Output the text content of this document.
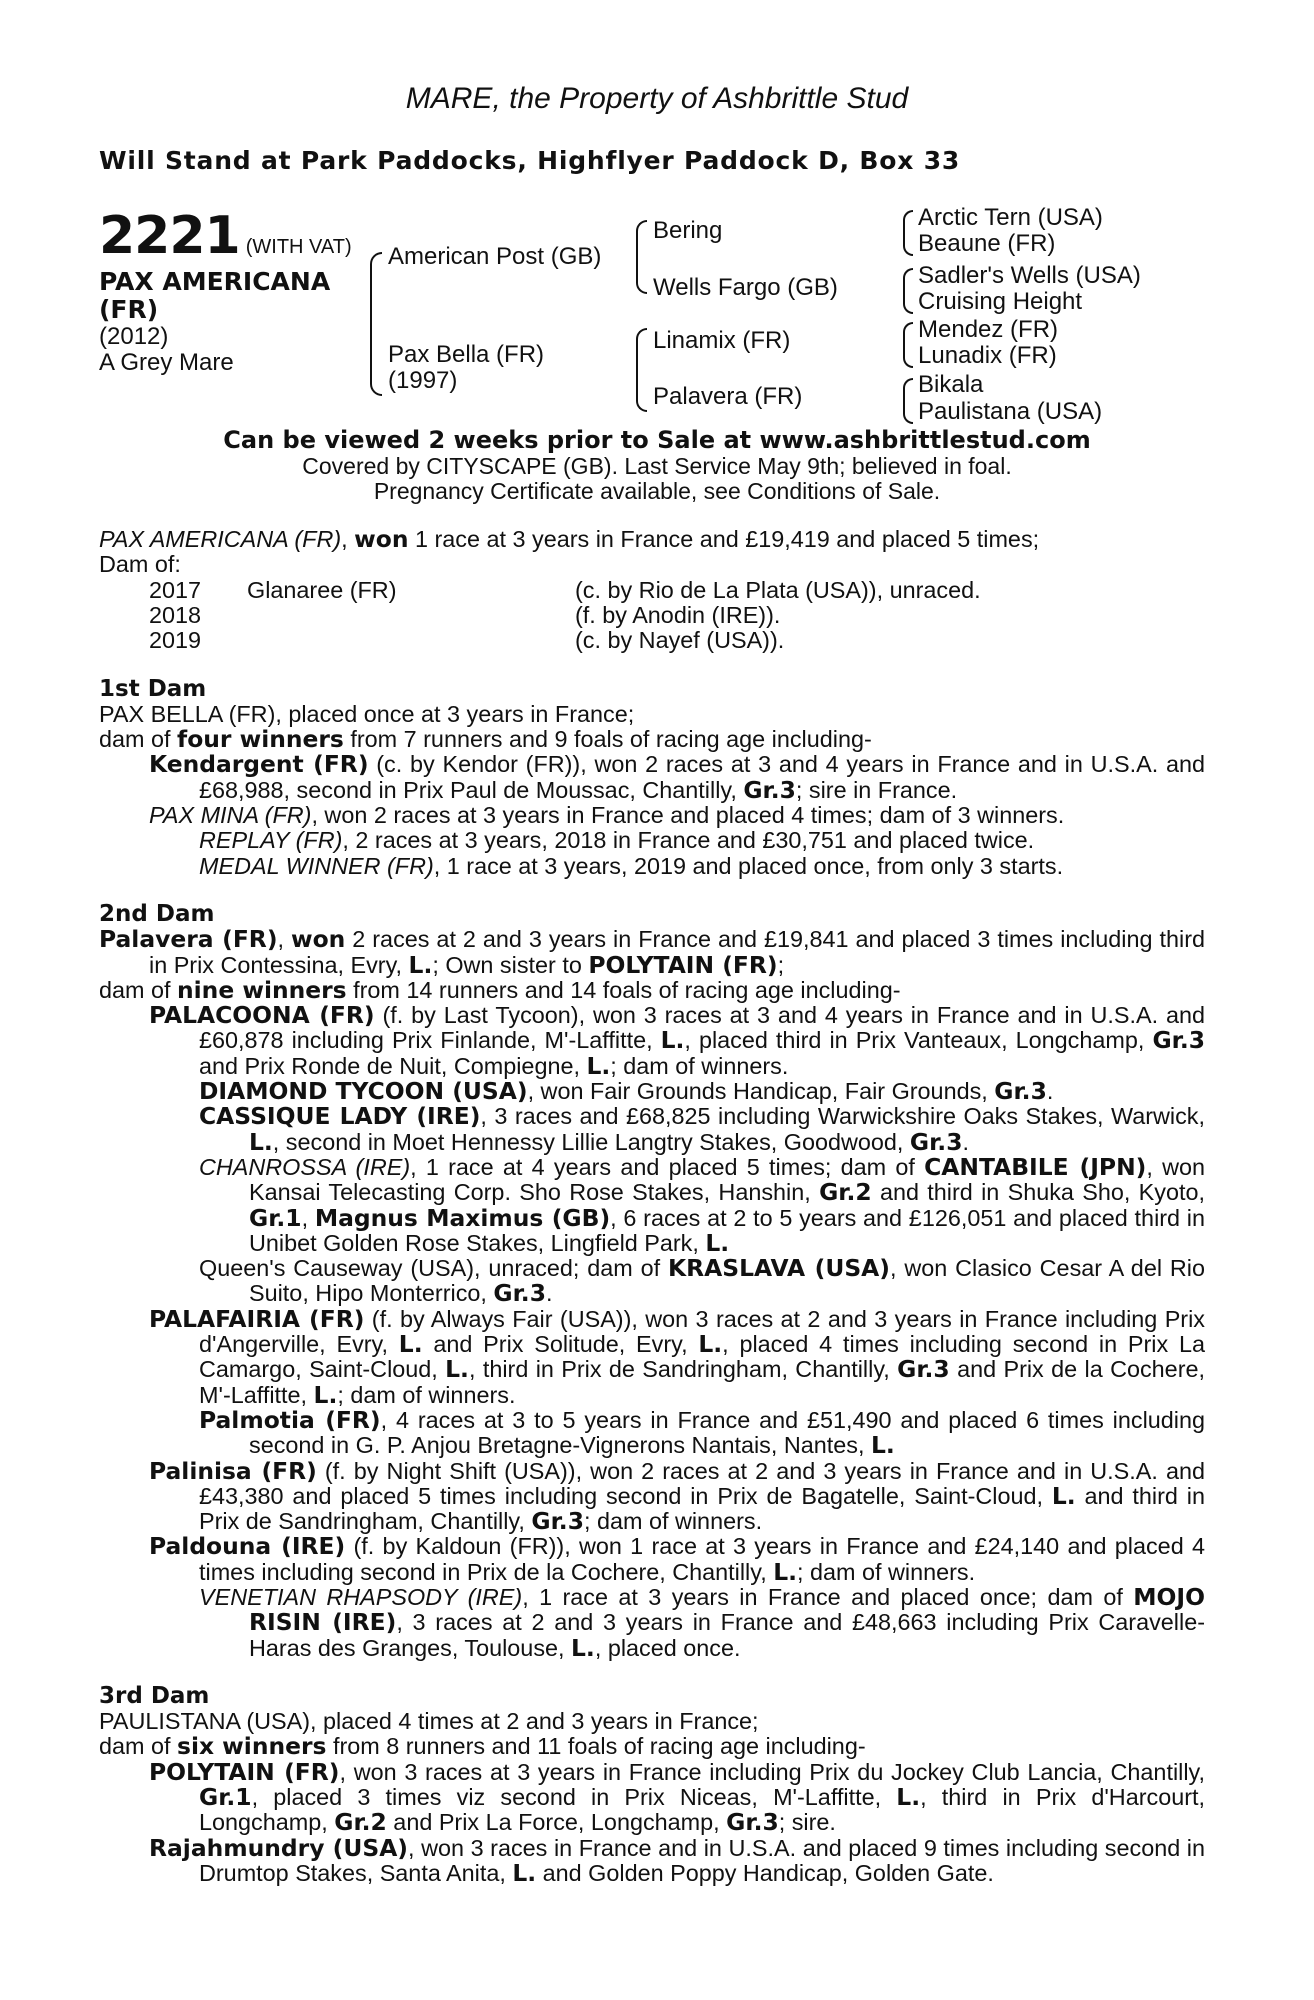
MARE, the Property of Ashbrittle Stud
Will Stand at Park Paddocks, Highflyer Paddock D, Box 33
2221 (WITH VAT)
PAX AMERICANA
(FR)
(2012)
A Grey Mare
American Post (GB)
Pax Bella (FR)
(1997)
Bering
Wells Fargo (GB)
Linamix (FR)
Palavera (FR)
Arctic Tern (USA)
Beaune (FR)
Sadler's Wells (USA)
Cruising Height
Mendez (FR)
Lunadix (FR)
Bikala
Paulistana (USA)
Can be viewed 2 weeks prior to Sale at www.ashbrittlestud.com
Covered by CITYSCAPE (GB). Last Service May 9th; believed in foal.
Pregnancy Certificate available, see Conditions of Sale.

PAX AMERICANA (FR), won 1 race at 3 years in France and £19,419 and placed 5 times;

Dam of:

2017 Glanaree (FR)	(c. by Rio de La Plata (USA)), unraced.
2018	(f. by Anodin (IRE)).
2019	(c. by Nayef (USA)).
1st Dam

PAX BELLA (FR), placed once at 3 years in France;

dam of four winners from 7 runners and 9 foals of racing age including-

Kendargent (FR) (c. by Kendor (FR)), won 2 races at 3 and 4 years in France and in U.S.A. and £68,988, second in Prix Paul de Moussac, Chantilly, Gr.3; sire in France.

PAX MINA (FR), won 2 races at 3 years in France and placed 4 times; dam of 3 winners.

REPLAY (FR), 2 races at 3 years, 2018 in France and £30,751 and placed twice.

MEDAL WINNER (FR), 1 race at 3 years, 2019 and placed once, from only 3 starts.

2nd Dam

Palavera (FR), won 2 races at 2 and 3 years in France and £19,841 and placed 3 times including third in Prix Contessina, Evry, L.; Own sister to POLYTAIN (FR);

dam of nine winners from 14 runners and 14 foals of racing age including-

PALACOONA (FR) (f. by Last Tycoon), won 3 races at 3 and 4 years in France and in U.S.A. and £60,878 including Prix Finlande, M'-Laffitte, L., placed third in Prix Vanteaux, Longchamp, Gr.3 and Prix Ronde de Nuit, Compiegne, L.; dam of winners.

DIAMOND TYCOON (USA), won Fair Grounds Handicap, Fair Grounds, Gr.3.

CASSIQUE LADY (IRE), 3 races and £68,825 including Warwickshire Oaks Stakes, Warwick, L., second in Moet Hennessy Lillie Langtry Stakes, Goodwood, Gr.3.

CHANROSSA (IRE), 1 race at 4 years and placed 5 times; dam of CANTABILE (JPN), won Kansai Telecasting Corp. Sho Rose Stakes, Hanshin, Gr.2 and third in Shuka Sho, Kyoto, Gr.1, Magnus Maximus (GB), 6 races at 2 to 5 years and £126,051 and placed third in Unibet Golden Rose Stakes, Lingfield Park, L.

Queen's Causeway (USA), unraced; dam of KRASLAVA (USA), won Clasico Cesar A del Rio Suito, Hipo Monterrico, Gr.3.

PALAFAIRIA (FR) (f. by Always Fair (USA)), won 3 races at 2 and 3 years in France including Prix d'Angerville, Evry, L. and Prix Solitude, Evry, L., placed 4 times including second in Prix La Camargo, Saint-Cloud, L., third in Prix de Sandringham, Chantilly, Gr.3 and Prix de la Cochere, M'-Laffitte, L.; dam of winners.

Palmotia (FR), 4 races at 3 to 5 years in France and £51,490 and placed 6 times including second in G. P. Anjou Bretagne-Vignerons Nantais, Nantes, L.

Palinisa (FR) (f. by Night Shift (USA)), won 2 races at 2 and 3 years in France and in U.S.A. and £43,380 and placed 5 times including second in Prix de Bagatelle, Saint-Cloud, L. and third in Prix de Sandringham, Chantilly, Gr.3; dam of winners.

Paldouna (IRE) (f. by Kaldoun (FR)), won 1 race at 3 years in France and £24,140 and placed 4 times including second in Prix de la Cochere, Chantilly, L.; dam of winners.

VENETIAN RHAPSODY (IRE), 1 race at 3 years in France and placed once; dam of MOJO RISIN (IRE), 3 races at 2 and 3 years in France and £48,663 including Prix Caravelle-Haras des Granges, Toulouse, L., placed once.

3rd Dam

PAULISTANA (USA), placed 4 times at 2 and 3 years in France;

dam of six winners from 8 runners and 11 foals of racing age including-

POLYTAIN (FR), won 3 races at 3 years in France including Prix du Jockey Club Lancia, Chantilly, Gr.1, placed 3 times viz second in Prix Niceas, M'-Laffitte, L., third in Prix d'Harcourt, Longchamp, Gr.2 and Prix La Force, Longchamp, Gr.3; sire.

Rajahmundry (USA), won 3 races in France and in U.S.A. and placed 9 times including second in Drumtop Stakes, Santa Anita, L. and Golden Poppy Handicap, Golden Gate.
